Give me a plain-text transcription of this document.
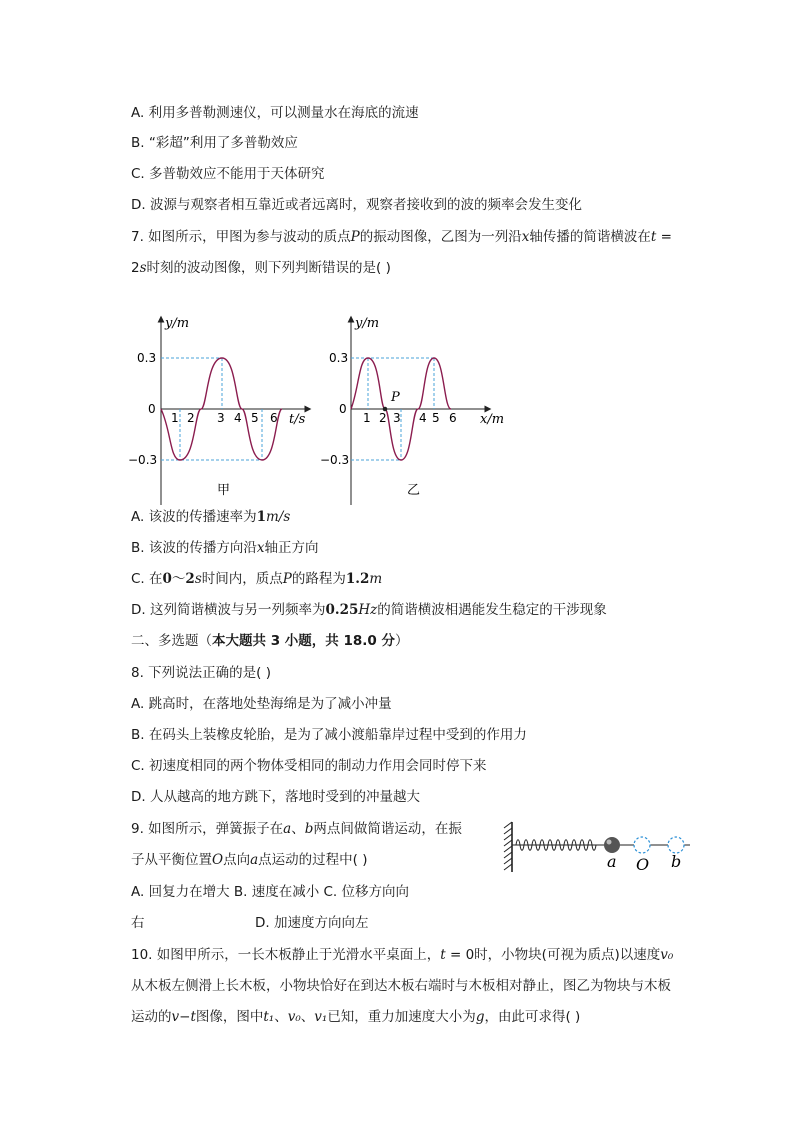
A. 利用多普勒测速仪，可以测量水在海底的流速
B. “彩超”利用了多普勒效应
C. 多普勒效应不能用于天体研究
D. 波源与观察者相互靠近或者远离时，观察者接收到的波的频率会发生变化
7. 如图所示，甲图为参与波动的质点P的振动图像，乙图为一列沿x轴传播的简谐横波在t =
2s时刻的波动图像，则下列判断错误的是( )
y/m
t/s
0
0.3
−0.3
1 2 3 4 5 6
甲
y/m
x/m
0
0.3
−0.3
P
1 2 3 4 5 6
乙
A. 该波的传播速率为1m/s
B. 该波的传播方向沿x轴正方向
C. 在0～2s时间内，质点P的路程为1.2m
D. 这列简谐横波与另一列频率为0.25Hz的简谐横波相遇能发生稳定的干涉现象
二、多选题（本大题共 3 小题，共 18.0 分）
8. 下列说法正确的是( )
A. 跳高时，在落地处垫海绵是为了减小冲量
B. 在码头上装橡皮轮胎，是为了减小渡船靠岸过程中受到的作用力
C. 初速度相同的两个物体受相同的制动力作用会同时停下来
D. 人从越高的地方跳下，落地时受到的冲量越大
9. 如图所示，弹簧振子在a、b两点间做简谐运动，在振
子从平衡位置O点向a点运动的过程中( )
A. 回复力在增大 B. 速度在减小 C. 位移方向向
右	D. 加速度方向向左
a O b
10. 如图甲所示，一长木板静止于光滑水平桌面上，t = 0时，小物块(可视为质点)以速度v₀
从木板左侧滑上长木板，小物块恰好在到达木板右端时与木板相对静止，图乙为物块与木板
运动的v−t图像，图中t₁、v₀、v₁已知，重力加速度大小为g，由此可求得( )
